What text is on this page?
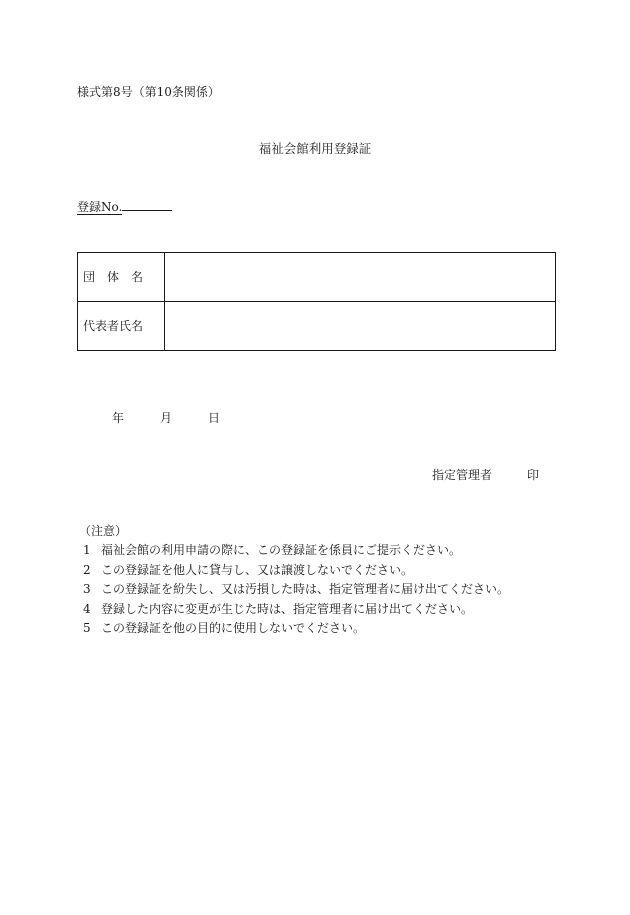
様式第8号（第10条関係）
福祉会館利用登録証
登録No.
団　体　名
代表者氏名
年	月	日
指定管理者	印
（注意）
1 福祉会館の利用申請の際に、この登録証を係員にご提示ください。
2 この登録証を他人に貸与し、又は譲渡しないでください。
3 この登録証を紛失し、又は汚損した時は、指定管理者に届け出てください。
4 登録した内容に変更が生じた時は、指定管理者に届け出てください。
5 この登録証を他の目的に使用しないでください。
